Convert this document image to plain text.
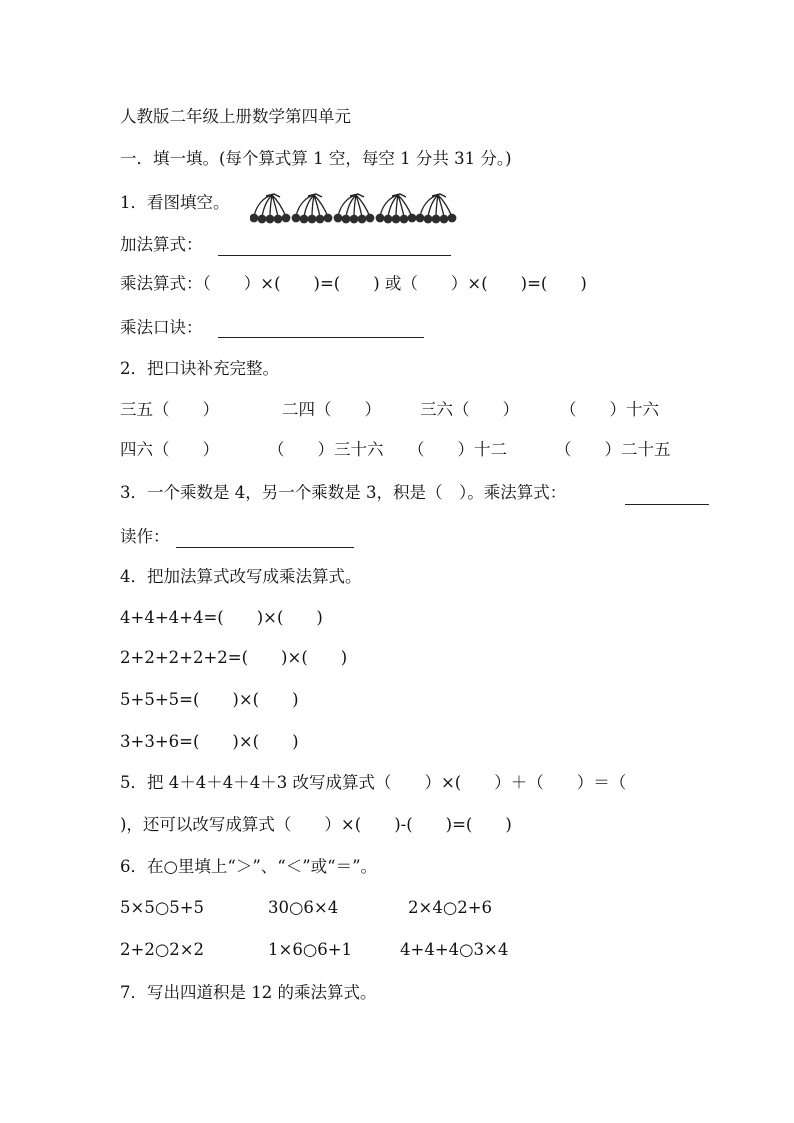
人教版二年级上册数学第四单元
一．填一填。(每个算式算 1 空，每空 1 分共 31 分。)
1．看图填空。
加法算式：
乘法算式：（　　）×(　　)=(　　) 或（　　）×(　　)=(　　)
乘法口诀：
2．把口诀补充完整。
三五（　　）	二四（　　） 三六（　　） （　　）十六
四六（　　）	（　　）三十六 （　　）十二	（　　）二十五
3．一个乘数是 4，另一个乘数是 3，积是（　）。乘法算式：
读作：
4．把加法算式改写成乘法算式。
4+4+4+4=(　　)×(　　)
2+2+2+2+2=(　　)×(　　)
5+5+5=(　　)×(　　)
3+3+6=(　　)×(　　)
5．把 4＋4＋4＋4＋3 改写成算式（　　）×(　　）＋（　　）＝（
)，还可以改写成算式（　　）×(　　)-(　　)=(　　)
6．在○里填上“＞”、“＜”或“＝”。
5×5○5+5	30○6×4	2×4○2+6
2+2○2×2	1×6○6+1	4+4+4○3×4
7．写出四道积是 12 的乘法算式。
